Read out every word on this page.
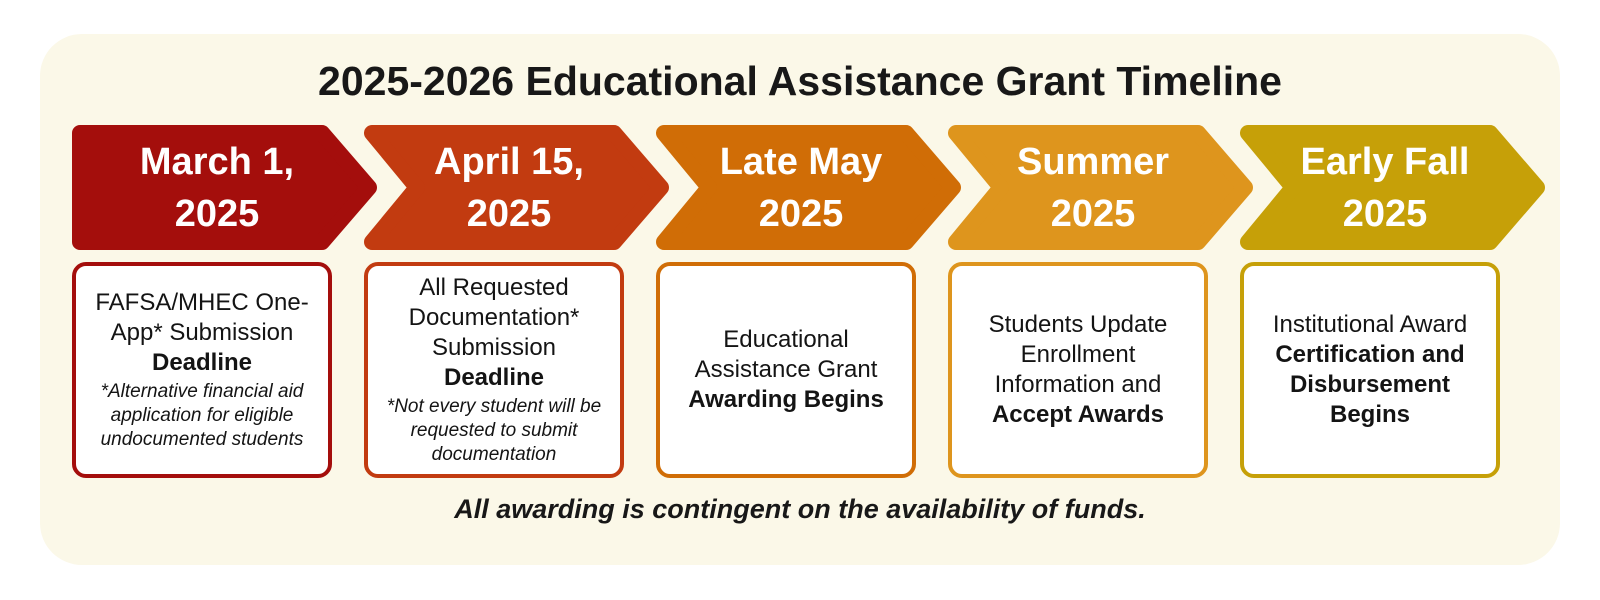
2025-2026 Educational Assistance Grant Timeline
March 1,
2025
FAFSA/MHEC One-App* Submission
Deadline
*Alternative financial aid application for eligible undocumented students
April 15,
2025
All Requested Documentation* Submission
Deadline
*Not every student will be requested to submit documentation
Late May
2025
Educational Assistance Grant
Awarding Begins
Summer
2025
Students Update Enrollment Information and
Accept Awards
Early Fall
2025
Institutional Award
Certification and Disbursement Begins
All awarding is contingent on the availability of funds.
